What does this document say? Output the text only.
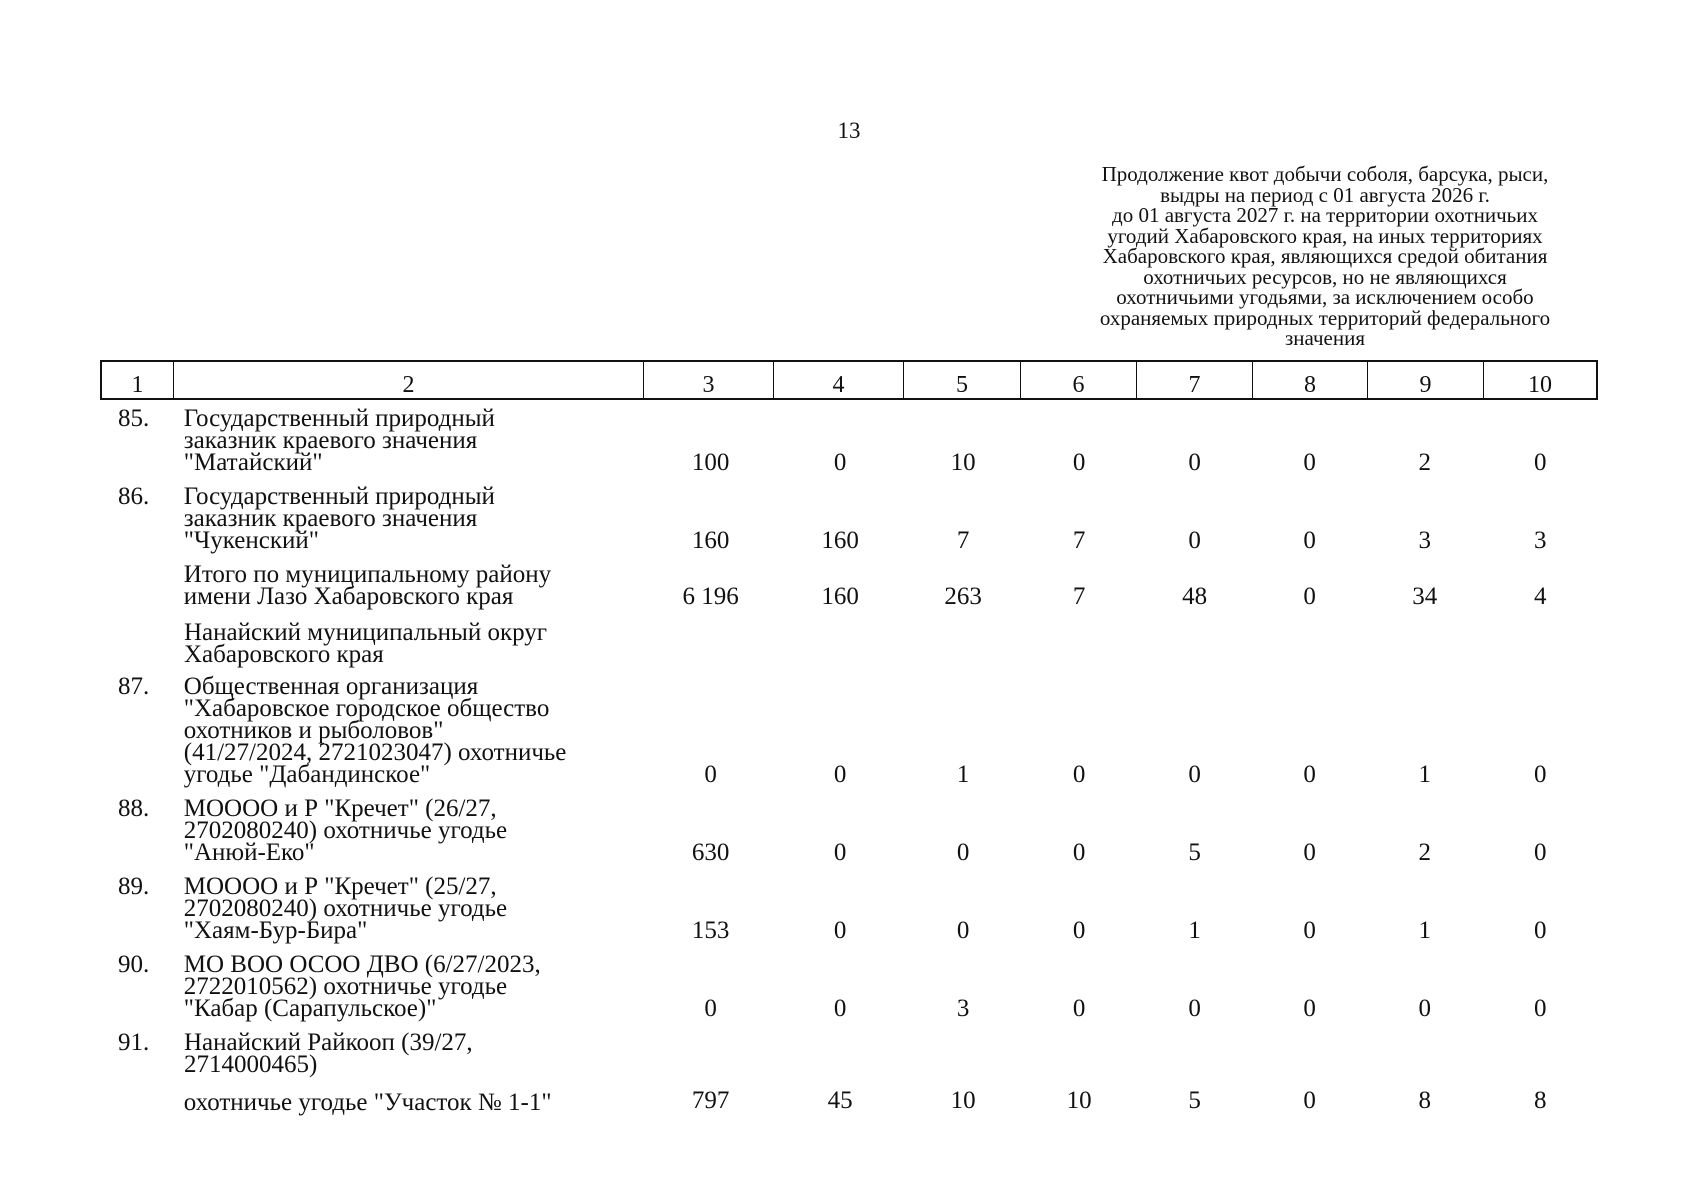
13
Продолжение квот добычи соболя, барсука, рыси,
выдры на период с 01 августа 2026 г.
до 01 августа 2027 г. на территории охотничьих
угодий Хабаровского края, на иных территориях
Хабаровского края, являющихся средой обитания
охотничьих ресурсов, но не являющихся
охотничьими угодьями, за исключением особо
охраняемых природных территорий федерального
значения
1	2	3	4	5	6	7	8	9	10
85.	Государственный природный
заказник краевого значения
"Матайский"	100	0	10	0	0	0	2	0
86.	Государственный природный
заказник краевого значения
"Чукенский"	160	160	7	7	0	0	3	3
Итого по муниципальному району
имени Лазо Хабаровского края	6 196	160	263	7	48	0	34	4
Нанайский муниципальный округ
Хабаровского края
87.	Общественная организация
"Хабаровское городское общество
охотников и рыболовов"
(41/27/2024, 2721023047) охотничье
угодье "Дабандинское"	0	0	1	0	0	0	1	0
88.	МОООО и Р "Кречет" (26/27,
2702080240) охотничье угодье
"Анюй-Еко"	630	0	0	0	5	0	2	0
89.	МОООО и Р "Кречет" (25/27,
2702080240) охотничье угодье
"Хаям-Бур-Бира"	153	0	0	0	1	0	1	0
90.	МО ВОО ОСОО ДВО (6/27/2023,
2722010562) охотничье угодье
"Кабар (Сарапульское)"	0	0	3	0	0	0	0	0
91.	Нанайский Райкооп (39/27,
2714000465)
охотничье угодье "Участок № 1-1"	797	45	10	10	5	0	8	8
